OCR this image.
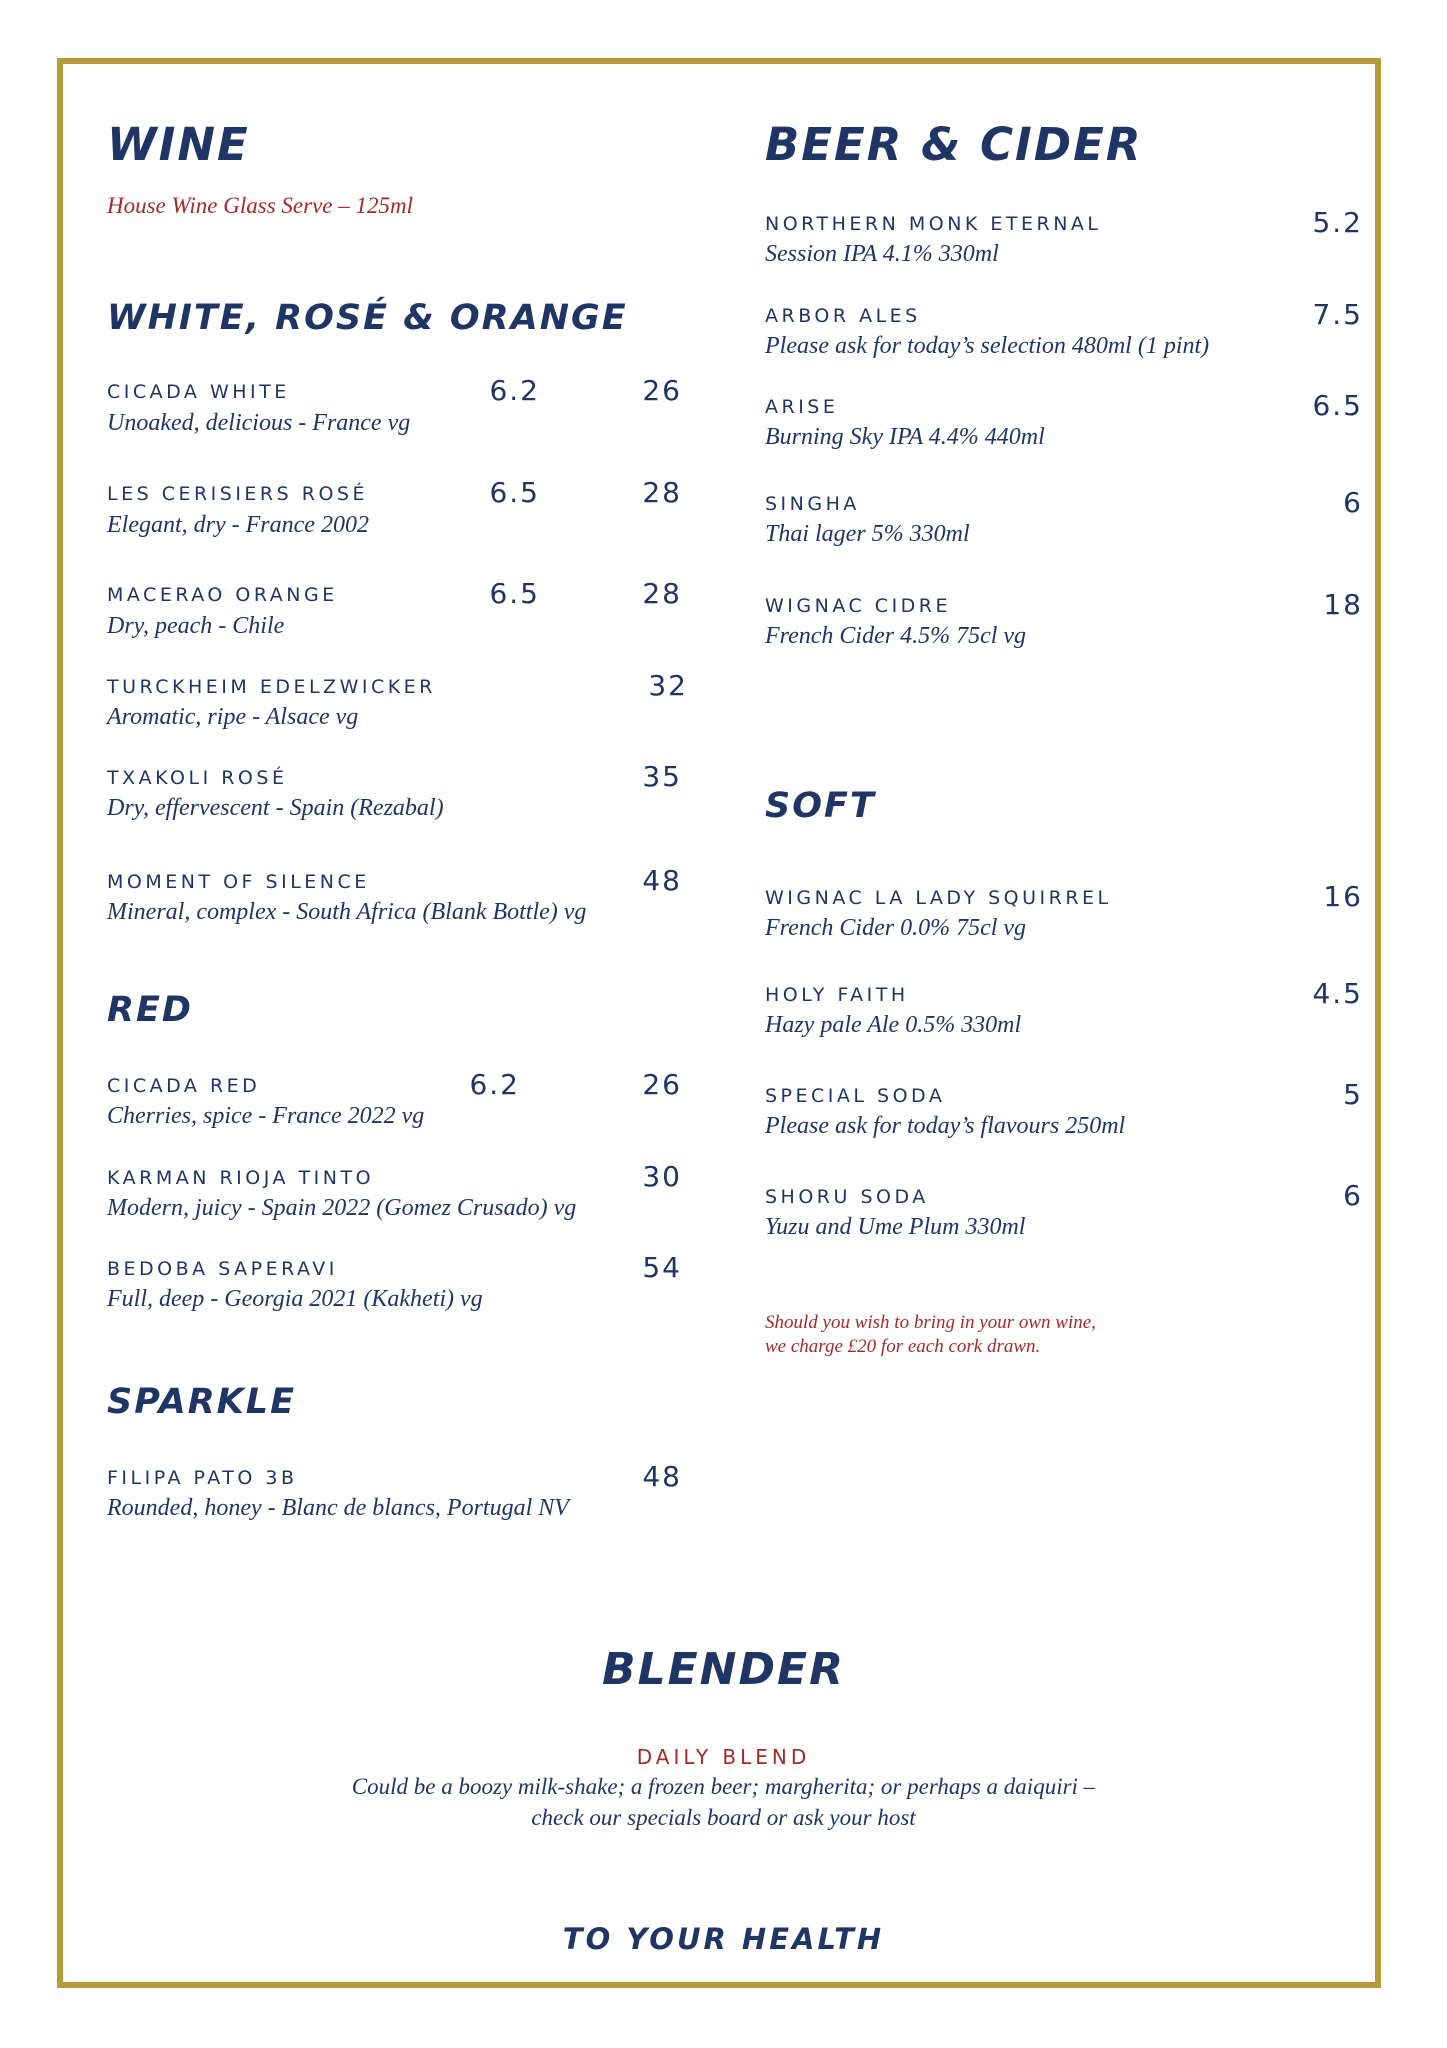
WINE
House Wine Glass Serve – 125ml
WHITE, ROSÉ & ORANGE
CICADA WHITE
Unoaked, delicious - France vg
6.2	26
LES CERISIERS ROSÉ
Elegant, dry - France 2002
6.5	28
MACERAO ORANGE
Dry, peach - Chile
6.5	28
TURCKHEIM EDELZWICKER
Aromatic, ripe - Alsace vg
32
TXAKOLI ROSÉ
Dry, effervescent - Spain (Rezabal)
35
MOMENT OF SILENCE
Mineral, complex - South Africa (Blank Bottle) vg
48
RED
CICADA RED
Cherries, spice - France 2022 vg
6.2	26
KARMAN RIOJA TINTO
Modern, juicy - Spain 2022 (Gomez Crusado) vg
30
BEDOBA SAPERAVI
Full, deep - Georgia 2021 (Kakheti) vg
54
SPARKLE
FILIPA PATO 3B
Rounded, honey - Blanc de blancs, Portugal NV
48
BEER & CIDER
NORTHERN MONK ETERNAL
Session IPA 4.1% 330ml
5.2
ARBOR ALES
Please ask for today’s selection 480ml (1 pint)
7.5
ARISE
Burning Sky IPA 4.4% 440ml
6.5
SINGHA
Thai lager 5% 330ml
6
WIGNAC CIDRE
French Cider 4.5% 75cl vg
18
SOFT
WIGNAC LA LADY SQUIRREL
French Cider 0.0% 75cl vg
16
HOLY FAITH
Hazy pale Ale 0.5% 330ml
4.5
SPECIAL SODA
Please ask for today’s flavours 250ml
5
SHORU SODA
Yuzu and Ume Plum 330ml
6
Should you wish to bring in your own wine,
we charge £20 for each cork drawn.
BLENDER
DAILY BLEND
Could be a boozy milk-shake; a frozen beer; margherita; or perhaps a daiquiri –
check our specials board or ask your host
TO YOUR HEALTH
